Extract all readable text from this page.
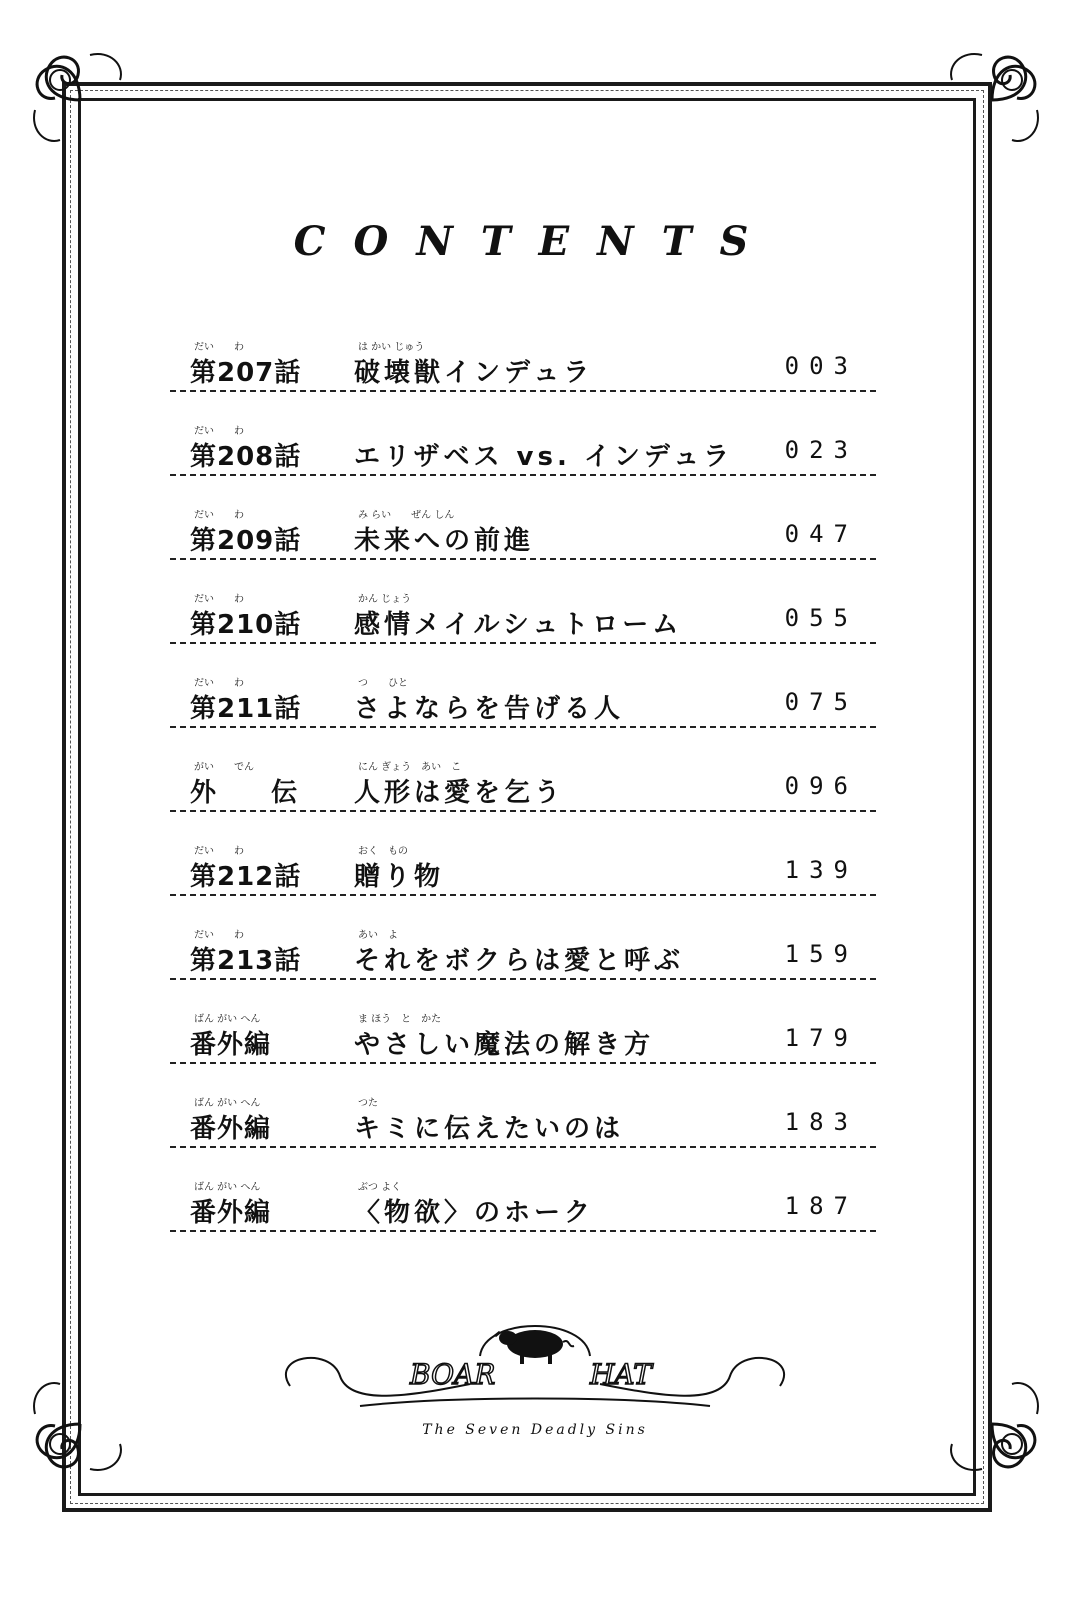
CONTENTS
だい　　わ	は かい じゅう
第207話 破壊獣インデュラ	003
だい　　わ
第208話 エリザベス vs. インデュラ 023
だい　　わ	み らい　　ぜん しん
第209話 未来への前進	047
だい　　わ	かん じょう
第210話 感情メイルシュトローム	055
だい　　わ	つ　　ひと
第211話 さよならを告げる人	075
がい　　でん	にん ぎょう　あい　こ
外　　伝 人形は愛を乞う	096
だい　　わ	おく　もの
第212話 贈り物	139
だい　　わ	あい　よ
第213話 それをボクらは愛と呼ぶ	159
ばん がい へん	ま ほう　と　かた
番外編	やさしい魔法の解き方	179
ばん がい へん	つた
番外編	キミに伝えたいのは	183
ばん がい へん	ぶつ よく
番外編	〈物欲〉のホーク	187
BOAR	HAT
The Seven Deadly Sins
